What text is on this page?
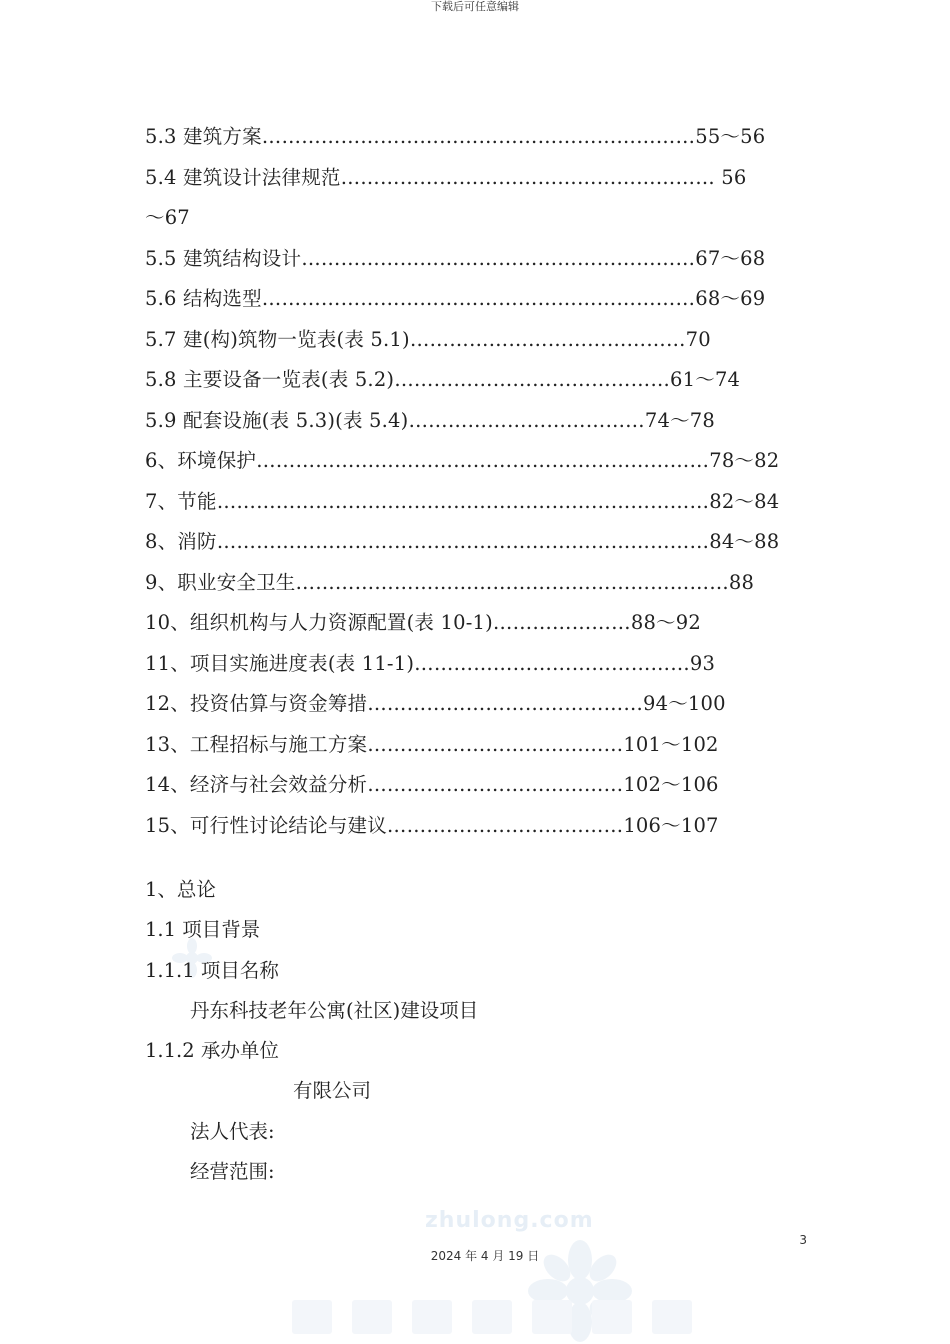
下载后可任意编辑
5.3 建筑方案…………………………………………………………55～56
5.4 建筑设计法律规范………………………………………………… 56
～67
5.5 建筑结构设计……………………………………………………67～68
5.6 结构选型…………………………………………………………68～69
5.7 建(构)筑物一览表(表 5.1)……………………………………70
5.8 主要设备一览表(表 5.2)……………………………………61～74
5.9 配套设施(表 5.3)(表 5.4)………………………………74～78
6、环境保护……………………………………………………………78～82
7、节能…………………………………………………………………82～84
8、消防…………………………………………………………………84～88
9、职业安全卫生…………………………………………………………88
10、组织机构与人力资源配置(表 10-1)…………………88～92
11、项目实施进度表(表 11-1)……………………………………93
12、投资估算与资金筹措……………………………………94～100
13、工程招标与施工方案…………………………………101～102
14、经济与社会效益分析…………………………………102～106
15、可行性讨论结论与建议………………………………106～107
1、总论
1.1 项目背景
1.1.1 项目名称
丹东科技老年公寓(社区)建设项目
1.1.2 承办单位
有限公司
法人代表:
经营范围:
zhulong.com
3
2024 年 4 月 19 日
